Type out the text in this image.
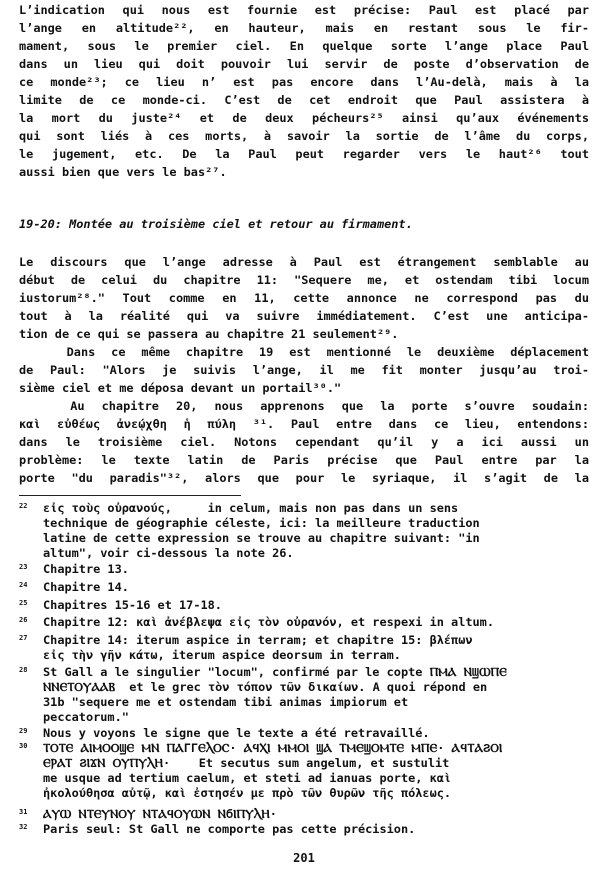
L’indication qui nous est fournie est précise: Paul est placé par
l’ange en altitude²², en hauteur, mais en restant sous le fir-
mament, sous le premier ciel. En quelque sorte l’ange place Paul
dans un lieu qui doit pouvoir lui servir de poste d’observation de
ce monde²³; ce lieu n’ est pas encore dans l’Au-delà, mais à la
limite de ce monde-ci. C’est de cet endroit que Paul assistera à
la mort du juste²⁴ et de deux pécheurs²⁵ ainsi qu’aux événements
qui sont liés à ces morts, à savoir la sortie de l’âme du corps,
le jugement, etc. De la Paul peut regarder vers le haut²⁶ tout
aussi bien que vers le bas²⁷.
19-20: Montée au troisième ciel et retour au firmament.
Le discours que l’ange adresse à Paul est étrangement semblable au
début de celui du chapitre 11: "Sequere me, et ostendam tibi locum
iustorum²⁸." Tout comme en 11, cette annonce ne correspond pas du
tout à la réalité qui va suivre immédiatement. C’est une anticipa-
tion de ce qui se passera au chapitre 21 seulement²⁹.
Dans ce même chapitre 19 est mentionné le deuxième déplacement
de Paul: "Alors je suivis l’ange, il me fit monter jusqu’au troi-
sième ciel et me déposa devant un portail³⁰."
Au chapitre 20, nous apprenons que la porte s’ouvre soudain:
καὶ εὐθέως ἀνεῴχθη ἡ πύλη ³¹. Paul entre dans ce lieu, entendons:
dans le troisième ciel. Notons cependant qu’il y a ici aussi un
problème: le texte latin de Paris précise que Paul entre par la
porte "du paradis"³², alors que pour le syriaque, il s’agit de la
22	εἰς τοὺς οὐρανούς,     in celum, mais non pas dans un sens
technique de géographie céleste, ici: la meilleure traduction
latine de cette expression se trouve au chapitre suivant: "in
altum", voir ci-dessous la note 26.
23	Chapitre 13.
24	Chapitre 14.
25	Chapitres 15-16 et 17-18.
26	Chapitre 12: καὶ ἀνέβλεψα εἰς τὸν οὐρανόν, et respexi in altum.
27	Chapitre 14: iterum aspice in terram; et chapitre 15: βλέπων
εἰς τὴν γῆν κάτω, iterum aspice deorsum in terram.
28	St Gall a le singulier "locum", confirmé par le copte ⲠⲘⲀ ⲚϢⲰⲠⲈ
ⲚⲚⲈⲦⲞⲨⲀⲀⲂ  et le grec τὸν τόπον τῶν δικαίων. A quoi répond en
31b "sequere me et ostendam tibi animas impiorum et
peccatorum."
29	Nous y voyons le signe que le texte a été retravaillé.
30	ⲦⲞⲦⲈ ⲀⲒⲘⲞⲞϢⲈ ⲘⲚ ⲠⲀΓΓⲈⲖⲞⲤ· ⲀϤⲬⲒ ⲘⲘⲞⲒ ϢⲀ ⲦⲘⲈϢⲞⲘⲦⲈ ⲘⲠⲈ· ⲀϤⲦⲀϨⲞⲒ
ⲈⲢⲀⲦ ϨⲒϪⲚ ⲞⲨⲠⲨⲖⲎ·    Et secutus sum angelum, et sustulit
me usque ad tertium caelum, et steti ad ianuas porte, καὶ
ἠκολούθησα αὐτῷ, καὶ ἐστησέν με πρὸ τῶν θυρῶν τῆς πόλεως.
31	ⲀⲨⲰ ⲚⲦⲈⲨⲚⲞⲨ ⲚⲦⲀϤⲞⲨⲰⲚ ⲚϬⲒⲠⲨⲖⲎ·
32	Paris seul: St Gall ne comporte pas cette précision.
201
